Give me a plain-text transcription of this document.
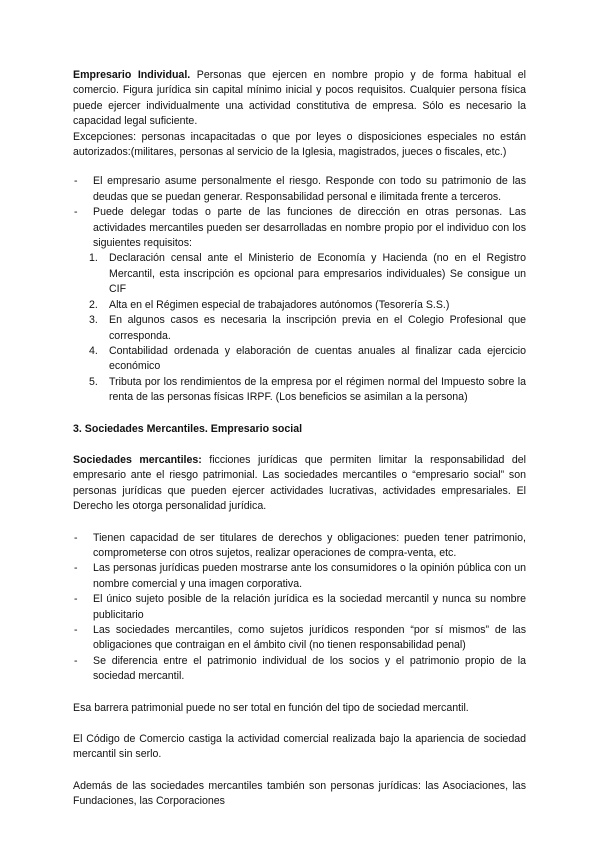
Empresario Individual. Personas que ejercen en nombre propio y de forma habitual el comercio. Figura jurídica sin capital mínimo inicial y pocos requisitos. Cualquier persona física puede ejercer individualmente una actividad constitutiva de empresa. Sólo es necesario la capacidad legal suficiente.

Excepciones: personas incapacitadas o que por leyes o disposiciones especiales no están autorizados:(militares, personas al servicio de la Iglesia, magistrados, jueces o fiscales, etc.)

- El empresario asume personalmente el riesgo. Responde con todo su patrimonio de las deudas que se puedan generar. Responsabilidad personal e ilimitada frente a terceros.
- Puede delegar todas o parte de las funciones de dirección en otras personas. Las actividades mercantiles pueden ser desarrolladas en nombre propio por el individuo con los siguientes requisitos:
1. Declaración censal ante el Ministerio de Economía y Hacienda (no en el Registro Mercantil, esta inscripción es opcional para empresarios individuales) Se consigue un CIF
2. Alta en el Régimen especial de trabajadores autónomos (Tesorería S.S.)
3. En algunos casos es necesaria la inscripción previa en el Colegio Profesional que corresponda.
4. Contabilidad ordenada y elaboración de cuentas anuales al finalizar cada ejercicio económico
5. Tributa por los rendimientos de la empresa por el régimen normal del Impuesto sobre la renta de las personas físicas IRPF. (Los beneficios se asimilan a la persona)

3. Sociedades Mercantiles. Empresario social

Sociedades mercantiles: ficciones jurídicas que permiten limitar la responsabilidad del empresario ante el riesgo patrimonial. Las sociedades mercantiles o “empresario social” son personas jurídicas que pueden ejercer actividades lucrativas, actividades empresariales. El Derecho les otorga personalidad jurídica.

- Tienen capacidad de ser titulares de derechos y obligaciones: pueden tener patrimonio, comprometerse con otros sujetos, realizar operaciones de compra-venta, etc.
- Las personas jurídicas pueden mostrarse ante los consumidores o la opinión pública con un nombre comercial y una imagen corporativa.
- El único sujeto posible de la relación jurídica es la sociedad mercantil y nunca su nombre publicitario
- Las sociedades mercantiles, como sujetos jurídicos responden “por sí mismos” de las obligaciones que contraigan en el ámbito civil (no tienen responsabilidad penal)
- Se diferencia entre el patrimonio individual de los socios y el patrimonio propio de la sociedad mercantil.

Esa barrera patrimonial puede no ser total en función del tipo de sociedad mercantil.

El Código de Comercio castiga la actividad comercial realizada bajo la apariencia de sociedad mercantil sin serlo.

Además de las sociedades mercantiles también son personas jurídicas: las Asociaciones, las Fundaciones, las Corporaciones
